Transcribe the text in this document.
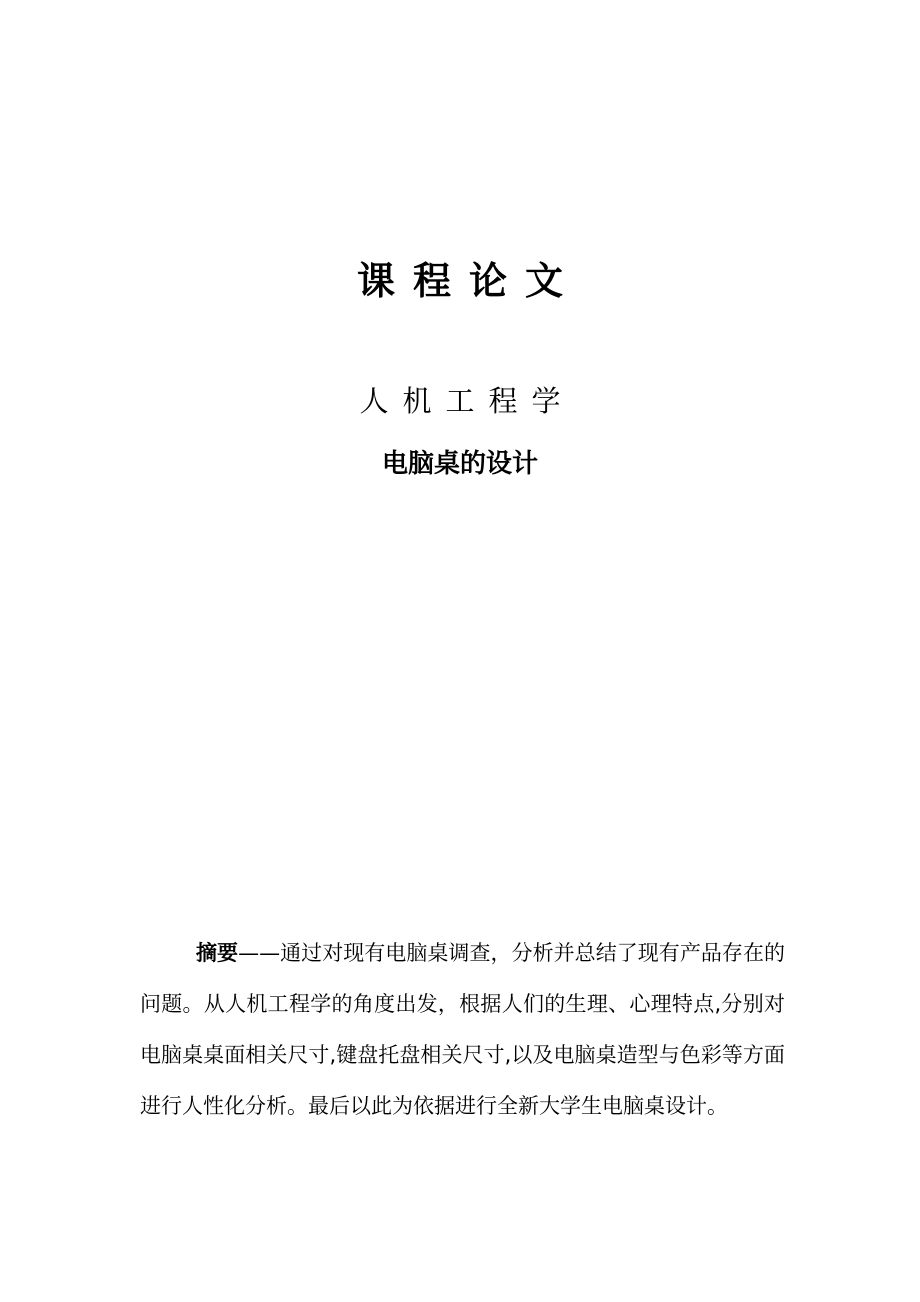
课程论文
人机工程学
电脑桌的设计
摘要——通过对现有电脑桌调查，分析并总结了现有产品存在的问题。从人机工程学的角度出发，根据人们的生理、心理特点,分别对电脑桌桌面相关尺寸,键盘托盘相关尺寸,以及电脑桌造型与色彩等方面进行人性化分析。最后以此为依据进行全新大学生电脑桌设计。
